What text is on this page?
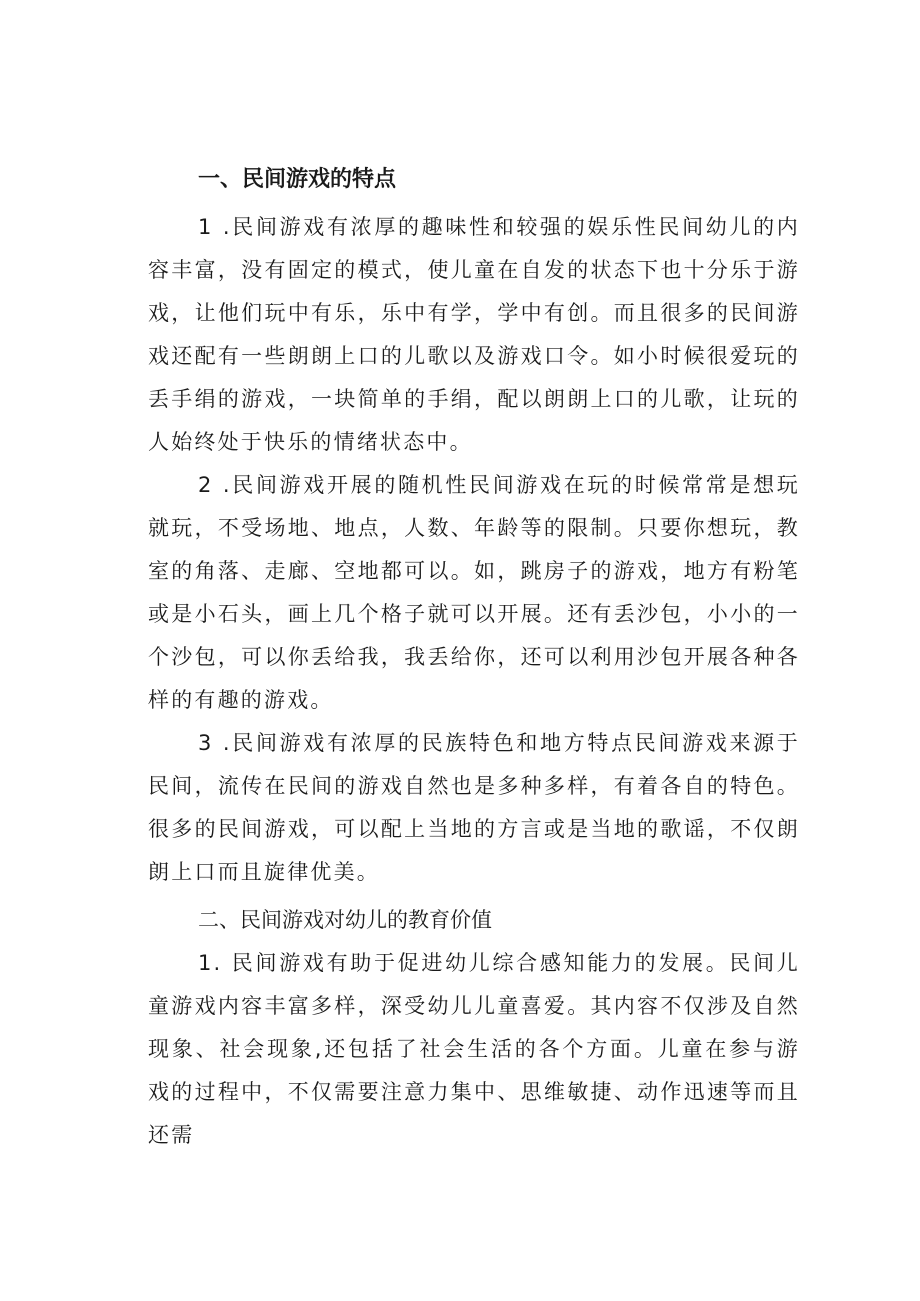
一、民间游戏的特点

1 .民间游戏有浓厚的趣味性和较强的娱乐性民间幼儿的内容丰富，没有固定的模式，使儿童在自发的状态下也十分乐于游戏，让他们玩中有乐，乐中有学，学中有创。而且很多的民间游戏还配有一些朗朗上口的儿歌以及游戏口令。如小时候很爱玩的丢手绢的游戏，一块简单的手绢，配以朗朗上口的儿歌，让玩的人始终处于快乐的情绪状态中。

2 .民间游戏开展的随机性民间游戏在玩的时候常常是想玩就玩，不受场地、地点，人数、年龄等的限制。只要你想玩，教室的角落、走廊、空地都可以。如，跳房子的游戏，地方有粉笔或是小石头，画上几个格子就可以开展。还有丢沙包，小小的一个沙包，可以你丢给我，我丢给你，还可以利用沙包开展各种各样的有趣的游戏。

3 .民间游戏有浓厚的民族特色和地方特点民间游戏来源于民间，流传在民间的游戏自然也是多种多样，有着各自的特色。很多的民间游戏，可以配上当地的方言或是当地的歌谣，不仅朗朗上口而且旋律优美。

二、民间游戏对幼儿的教育价值

1. 民间游戏有助于促进幼儿综合感知能力的发展。民间儿童游戏内容丰富多样，深受幼儿儿童喜爱。其内容不仅涉及自然现象、社会现象,还包括了社会生活的各个方面。儿童在参与游戏的过程中，不仅需要注意力集中、思维敏捷、动作迅速等而且还需
